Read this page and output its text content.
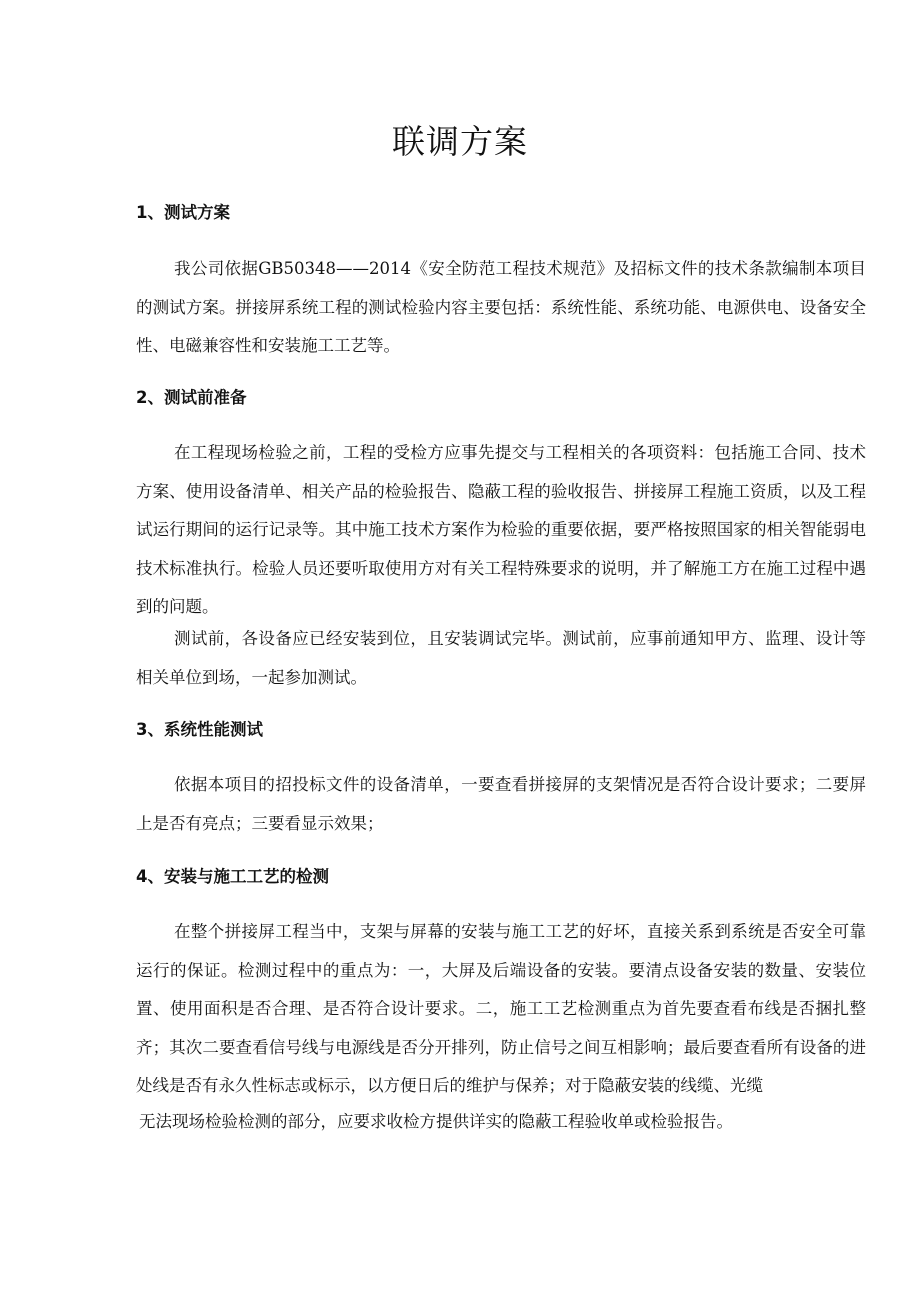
联调方案
1、测试方案

我公司依据GB50348——2014《安全防范工程技术规范》及招标文件的技术条款编制本项目的测试方案。拼接屏系统工程的测试检验内容主要包括：系统性能、系统功能、电源供电、设备安全性、电磁兼容性和安装施工工艺等。

2、测试前准备

在工程现场检验之前，工程的受检方应事先提交与工程相关的各项资料：包括施工合同、技术方案、使用设备清单、相关产品的检验报告、隐蔽工程的验收报告、拼接屏工程施工资质，以及工程试运行期间的运行记录等。其中施工技术方案作为检验的重要依据，要严格按照国家的相关智能弱电技术标准执行。检验人员还要听取使用方对有关工程特殊要求的说明，并了解施工方在施工过程中遇到的问题。

测试前，各设备应已经安装到位，且安装调试完毕。测试前，应事前通知甲方、监理、设计等相关单位到场，一起参加测试。

3、系统性能测试

依据本项目的招投标文件的设备清单，一要查看拼接屏的支架情况是否符合设计要求；二要屏上是否有亮点；三要看显示效果；

4、安装与施工工艺的检测

在整个拼接屏工程当中，支架与屏幕的安装与施工工艺的好坏，直接关系到系统是否安全可靠运行的保证。检测过程中的重点为：一，大屏及后端设备的安装。要清点设备安装的数量、安装位置、使用面积是否合理、是否符合设计要求。二，施工工艺检测重点为首先要查看布线是否捆扎整齐；其次二要查看信号线与电源线是否分开排列，防止信号之间互相影响；最后要查看所有设备的进处线是否有永久性标志或标示，以方便日后的维护与保养；对于隐蔽安装的线缆、光缆

无法现场检验检测的部分，应要求收检方提供详实的隐蔽工程验收单或检验报告。
